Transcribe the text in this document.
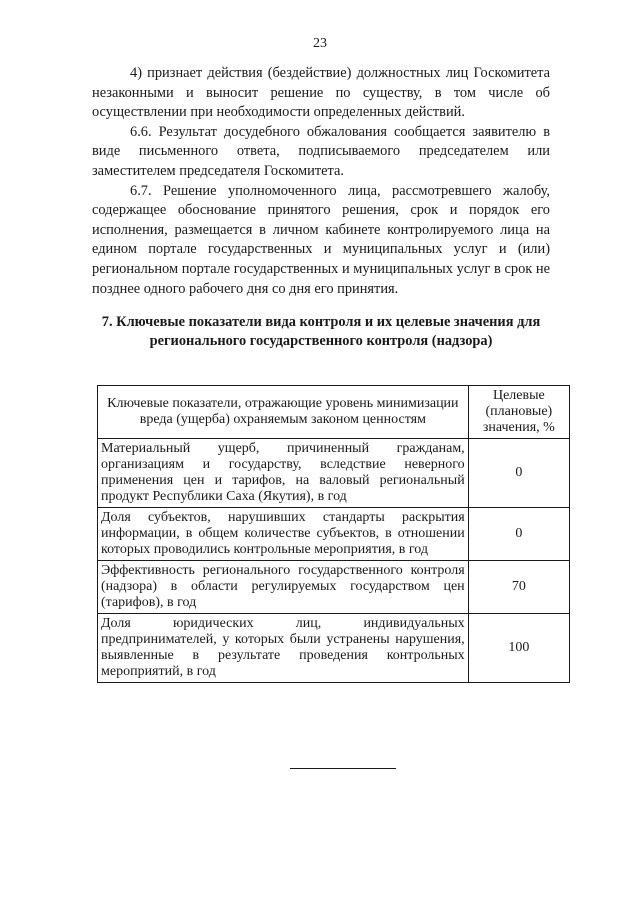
23

4) признает действия (бездействие) должностных лиц Госкомитета незаконными и выносит решение по существу, в том числе об осуществлении при необходимости определенных действий.

6.6. Результат досудебного обжалования сообщается заявителю в виде письменного ответа, подписываемого председателем или заместителем председателя Госкомитета.

6.7. Решение уполномоченного лица, рассмотревшего жалобу, содержащее обоснование принятого решения, срок и порядок его исполнения, размещается в личном кабинете контролируемого лица на едином портале государственных и муниципальных услуг и (или) региональном портале государственных и муниципальных услуг в срок не позднее одного рабочего дня со дня его принятия.

7. Ключевые показатели вида контроля и их целевые значения для регионального государственного контроля (надзора)
Ключевые показатели, отражающие уровень минимизации вреда (ущерба) охраняемым законом ценностям	Целевые (плановые) значения, %
Материальный ущерб, причиненный гражданам, организациям и государству, вследствие неверного применения цен и тарифов, на валовый региональный продукт Республики Саха (Якутия), в год	0
Доля субъектов, нарушивших стандарты раскрытия информации, в общем количестве субъектов, в отношении которых проводились контрольные мероприятия, в год	0
Эффективность регионального государственного контроля (надзора) в области регулируемых государством цен (тарифов), в год	70
Доля юридических лиц, индивидуальных предпринимателей, у которых были устранены нарушения, выявленные в результате проведения контрольных мероприятий, в год	100
